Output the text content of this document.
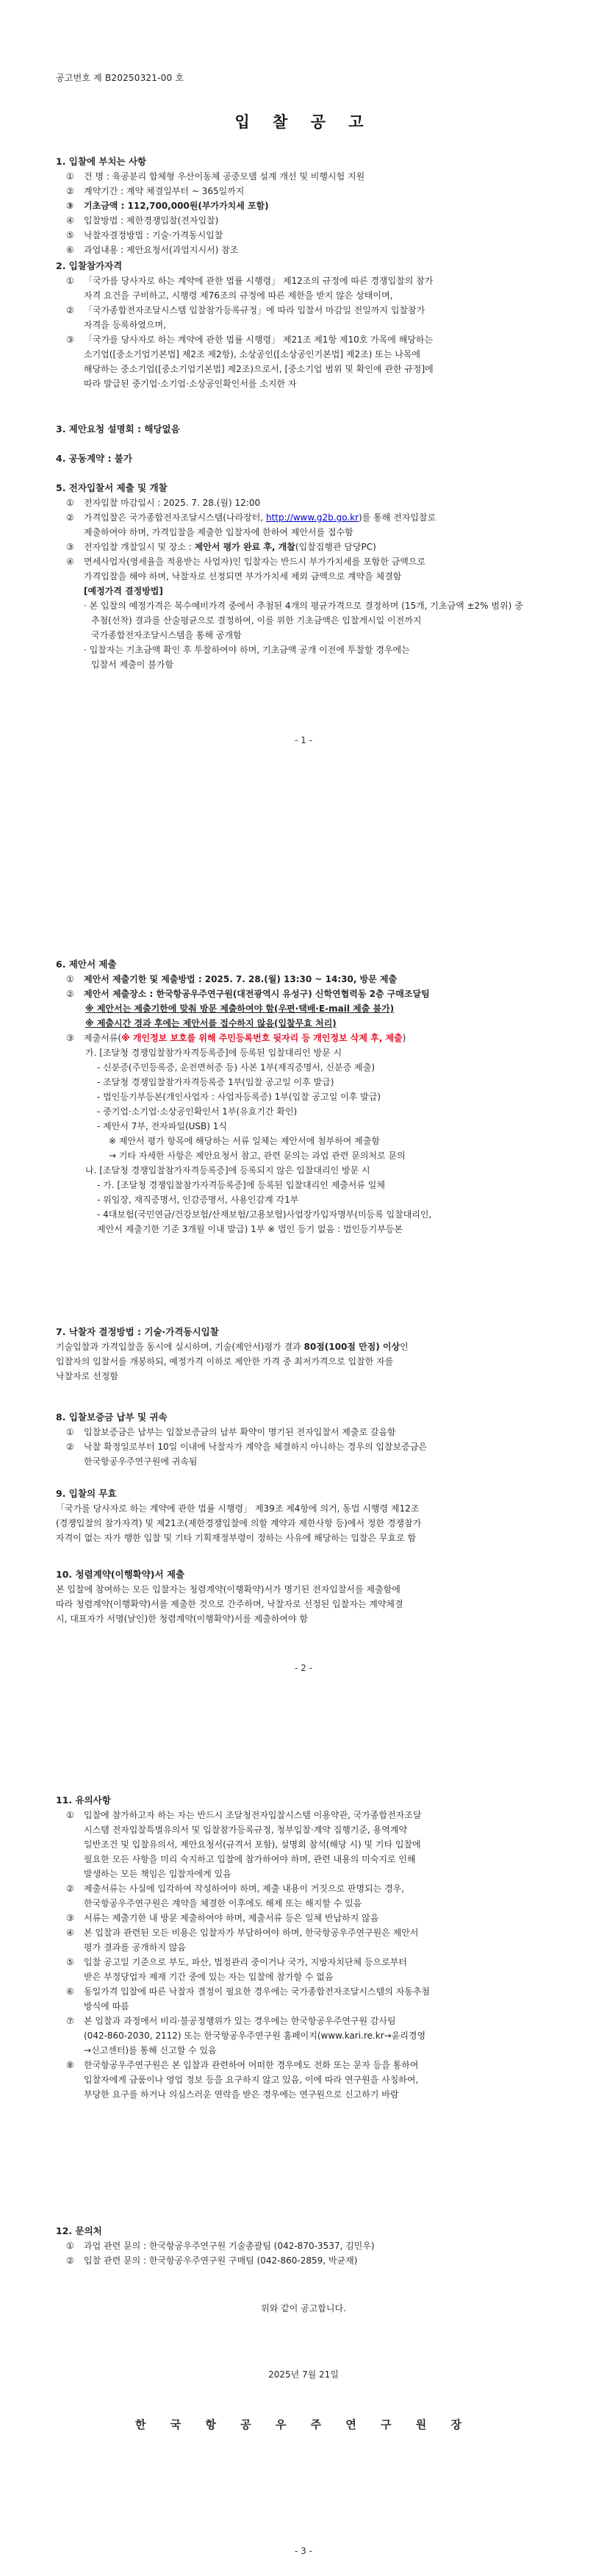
공고번호 제 B20250321-00 호
입 찰 공 고
1. 입찰에 부치는 사항
①	건 명 : 육공분리 합체형 우산이동체 공중모델 설계 개선 및 비행시험 지원
②	계약기간 : 계약 체결일부터 ~ 365일까지
③	기초금액 : 112,700,000원(부가가치세 포함)
④	입찰방법 : 제한경쟁입찰(전자입찰)
⑤	낙찰자결정방법 : 기술·가격동시입찰
⑥	과업내용 : 제안요청서(과업지시서) 참조
2. 입찰참가자격
①	「국가를 당사자로 하는 계약에 관한 법률 시행령」 제12조의 규정에 따른 경쟁입찰의 참가
자격 요건을 구비하고, 시행령 제76조의 규정에 따른 제한을 받지 않은 상태이며,
②	「국가종합전자조달시스템 입찰참가등록규정」에 따라 입찰서 마감일 전일까지 입찰참가
자격을 등록하였으며,
③	「국가를 당사자로 하는 계약에 관한 법률 시행령」 제21조 제1항 제10호 가목에 해당하는
소기업([중소기업기본법] 제2조 제2항), 소상공인([소상공인기본법] 제2조) 또는 나목에
해당하는 중소기업([중소기업기본법] 제2조)으로서, [중소기업 범위 및 확인에 관한 규정]에
따라 발급된 중기업·소기업·소상공인확인서를 소지한 자
3. 제안요청 설명회 : 해당없음
4. 공동계약 : 불가
5. 전자입찰서 제출 및 개찰
①	전자입찰 마감일시 : 2025. 7. 28.(월) 12:00
②	가격입찰은 국가종합전자조달시스템(나라장터, http://www.g2b.go.kr)를 통해 전자입찰로
제출하여야 하며, 가격입찰을 제출한 입찰자에 한하여 제안서를 접수함
③	전자입찰 개찰일시 및 장소 : 제안서 평가 완료 후, 개찰(입찰집행관 담당PC)
④	면세사업자(영세율을 적용받는 사업자)인 입찰자는 반드시 부가가치세를 포함한 금액으로
가격입찰을 해야 하며, 낙찰자로 선정되면 부가가치세 제외 금액으로 계약을 체결함
[예정가격 결정방법]
· 본 입찰의 예정가격은 복수예비가격 중에서 추첨된 4개의 평균가격으로 결정하며 (15개, 기초금액 ±2% 범위) 중
추첨(선착) 결과를 산술평균으로 결정하여, 이를 위한 기초금액은 입찰게시일 이전까지
국가종합전자조달시스템을 통해 공개함
· 입찰자는 기초금액 확인 후 투찰하여야 하며, 기초금액 공개 이전에 투찰할 경우에는
입찰서 제출이 불가함
- 1 -
6. 제안서 제출
①	제안서 제출기한 및 제출방법 : 2025. 7. 28.(월) 13:30 ~ 14:30, 방문 제출
②	제안서 제출장소 : 한국항공우주연구원(대전광역시 유성구) 신학연협력동 2층 구매조달팀
※ 제안서는 제출기한에 맞춰 방문 제출하여야 함(우편·택배·E-mail 제출 불가)
※ 제출시간 경과 후에는 제안서를 접수하지 않음(입찰무효 처리)
③	제출서류(※ 개인정보 보호를 위해 주민등록번호 뒷자리 등 개인정보 삭제 후, 제출)
가. [조달청 경쟁입찰참가자격등록증]에 등록된 입찰대리인 방문 시
- 신분증(주민등록증, 운전면허증 등) 사본 1부(재직증명서, 신분증 제출)
- 조달청 경쟁입찰참가자격등록증 1부(입찰 공고일 이후 발급)
- 법인등기부등본(개인사업자 : 사업자등록증) 1부(입찰 공고일 이후 발급)
- 중기업·소기업·소상공인확인서 1부(유효기간 확인)
- 제안서 7부, 전자파일(USB) 1식
※ 제안서 평가 항목에 해당하는 서류 일체는 제안서에 첨부하여 제출함
→ 기타 자세한 사항은 제안요청서 참고, 관련 문의는 과업 관련 문의처로 문의
나. [조달청 경쟁입찰참가자격등록증]에 등록되지 않은 입찰대리인 방문 시
- 가. [조달청 경쟁입찰참가자격등록증]에 등록된 입찰대리인 제출서류 일체
- 위임장, 재직증명서, 인감증명서, 사용인감계 각1부
- 4대보험(국민연금/건강보험/산재보험/고용보험)사업장가입자명부(미등록 입찰대리인,
제안서 제출기한 기준 3개월 이내 발급) 1부 ※ 법인 등기 없음 : 법인등기부등본
7. 낙찰자 결정방법 : 기술·가격동시입찰
기술입찰과 가격입찰을 동시에 실시하며, 기술(제안서)평가 결과 80점(100점 만점) 이상인
입찰자의 입찰서를 개봉하되, 예정가격 이하로 제안한 가격 중 최저가격으로 입찰한 자를
낙찰자로 선정함
8. 입찰보증금 납부 및 귀속
①	입찰보증금은 납부는 입찰보증금의 납부 확약이 명기된 전자입찰서 제출로 갈음함
②	낙찰 확정일로부터 10일 이내에 낙찰자가 계약을 체결하지 아니하는 경우의 입찰보증금은
한국항공우주연구원에 귀속됨
9. 입찰의 무효
「국가를 당사자로 하는 계약에 관한 법률 시행령」 제39조 제4항에 의거, 동법 시행령 제12조
(경쟁입찰의 참가자격) 및 제21조(제한경쟁입찰에 의할 계약과 제한사항 등)에서 정한 경쟁참가
자격이 없는 자가 행한 입찰 및 기타 기획재정부령이 정하는 사유에 해당하는 입찰은 무효로 함
10. 청렴계약(이행확약)서 제출
본 입찰에 참여하는 모든 입찰자는 청렴계약(이행확약)서가 명기된 전자입찰서를 제출함에
따라 청렴계약(이행확약)서를 제출한 것으로 간주하며, 낙찰자로 선정된 입찰자는 계약체결
시, 대표자가 서명(날인)한 청렴계약(이행확약)서를 제출하여야 함
- 2 -
11. 유의사항
①	입찰에 참가하고자 하는 자는 반드시 조달청전자입찰시스템 이용약관, 국가종합전자조달
시스템 전자입찰특별유의서 및 입찰참가등록규정, 청부입찰·계약 집행기준, 용역계약
일반조건 및 입찰유의서, 제안요청서(규격서 포함), 설명회 참석(해당 시) 및 기타 입찰에
필요한 모든 사항을 미리 숙지하고 입찰에 참가하여야 하며, 관련 내용의 미숙지로 인해
발생하는 모든 책임은 입찰자에게 있음
②	제출서류는 사실에 입각하여 작성하여야 하며, 제출 내용이 거짓으로 판명되는 경우,
한국항공우주연구원은 계약을 체결한 이후에도 해제 또는 해지할 수 있음
③	서류는 제출기한 내 방문 제출하여야 하며, 제출서류 등은 일체 반납하지 않음
④	본 입찰과 관련된 모든 비용은 입찰자가 부담하여야 하며, 한국항공우주연구원은 제안서
평가 결과를 공개하지 않음
⑤	입찰 공고일 기준으로 부도, 파산, 법정관리 중이거나 국가, 지방자치단체 등으로부터
받은 부정당업자 제재 기간 중에 있는 자는 입찰에 참가할 수 없음
⑥	동일가격 입찰에 따른 낙찰자 결정이 필요한 경우에는 국가종합전자조달시스템의 자동추첨
방식에 따름
⑦	본 입찰과 과정에서 비리·불공정행위가 있는 경우에는 한국항공우주연구원 감사팀
(042-860-2030, 2112) 또는 한국항공우주연구원 홈페이지(www.kari.re.kr→윤리경영
→신고센터)를 통해 신고할 수 있음
⑧	한국항공우주연구원은 본 입찰과 관련하여 어떠한 경우에도 전화 또는 문자 등을 통하여
입찰자에게 금품이나 영업 정보 등을 요구하지 않고 있음, 이에 따라 연구원을 사칭하여,
부당한 요구를 하거나 의심스러운 연락을 받은 경우에는 연구원으로 신고하기 바람
12. 문의처
①	과업 관련 문의 : 한국항공우주연구원 기술총괄팀 (042-870-3537, 김민우)
②	입찰 관련 문의 : 한국항공우주연구원 구매팀 (042-860-2859, 박균재)
위와 같이 공고합니다.
2025년 7월 21일
한 국 항 공 우 주 연 구 원 장
- 3 -
